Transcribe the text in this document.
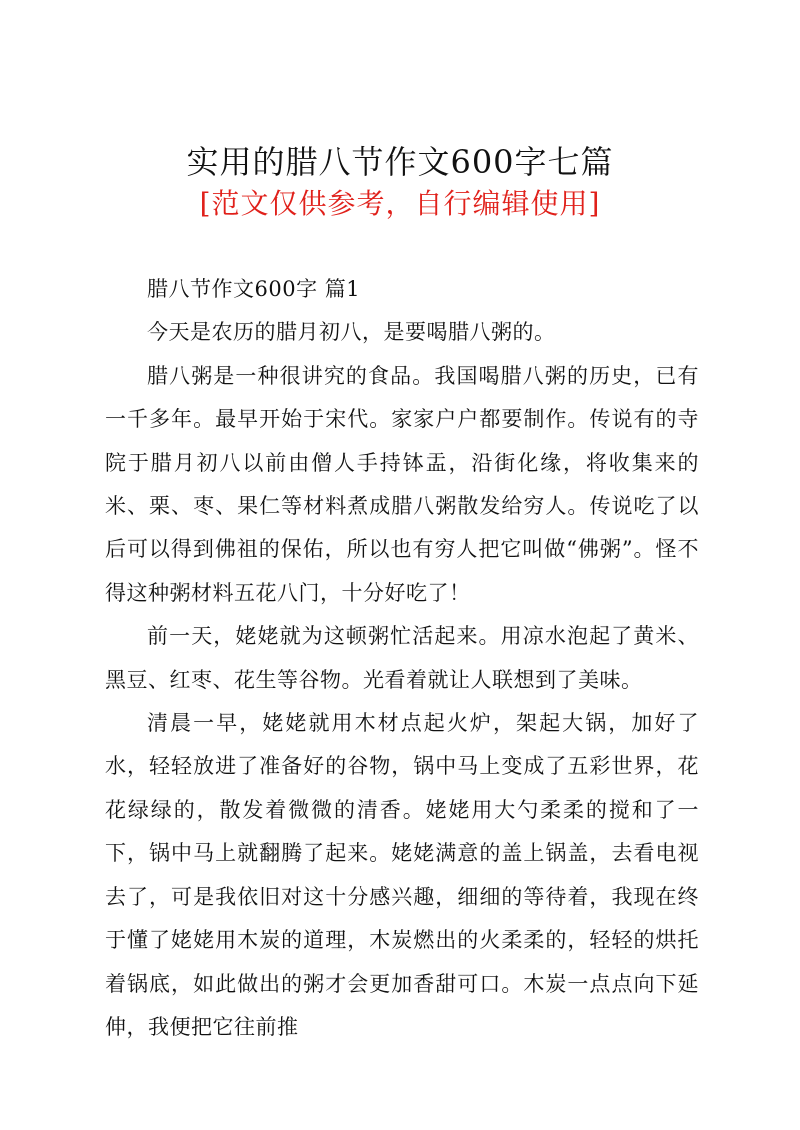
实用的腊八节作文600字七篇
[范文仅供参考，自行编辑使用]

腊八节作文600字 篇1

今天是农历的腊月初八，是要喝腊八粥的。

腊八粥是一种很讲究的食品。我国喝腊八粥的历史，已有一千多年。最早开始于宋代。家家户户都要制作。传说有的寺院于腊月初八以前由僧人手持钵盂，沿街化缘，将收集来的米、栗、枣、果仁等材料煮成腊八粥散发给穷人。传说吃了以后可以得到佛祖的保佑，所以也有穷人把它叫做“佛粥”。怪不得这种粥材料五花八门，十分好吃了！

前一天，姥姥就为这顿粥忙活起来。用凉水泡起了黄米、黑豆、红枣、花生等谷物。光看着就让人联想到了美味。

清晨一早，姥姥就用木材点起火炉，架起大锅，加好了水，轻轻放进了准备好的谷物，锅中马上变成了五彩世界，花花绿绿的，散发着微微的清香。姥姥用大勺柔柔的搅和了一下，锅中马上就翻腾了起来。姥姥满意的盖上锅盖，去看电视去了，可是我依旧对这十分感兴趣，细细的等待着，我现在终于懂了姥姥用木炭的道理，木炭燃出的火柔柔的，轻轻的烘托着锅底，如此做出的粥才会更加香甜可口。木炭一点点向下延伸，我便把它往前推
